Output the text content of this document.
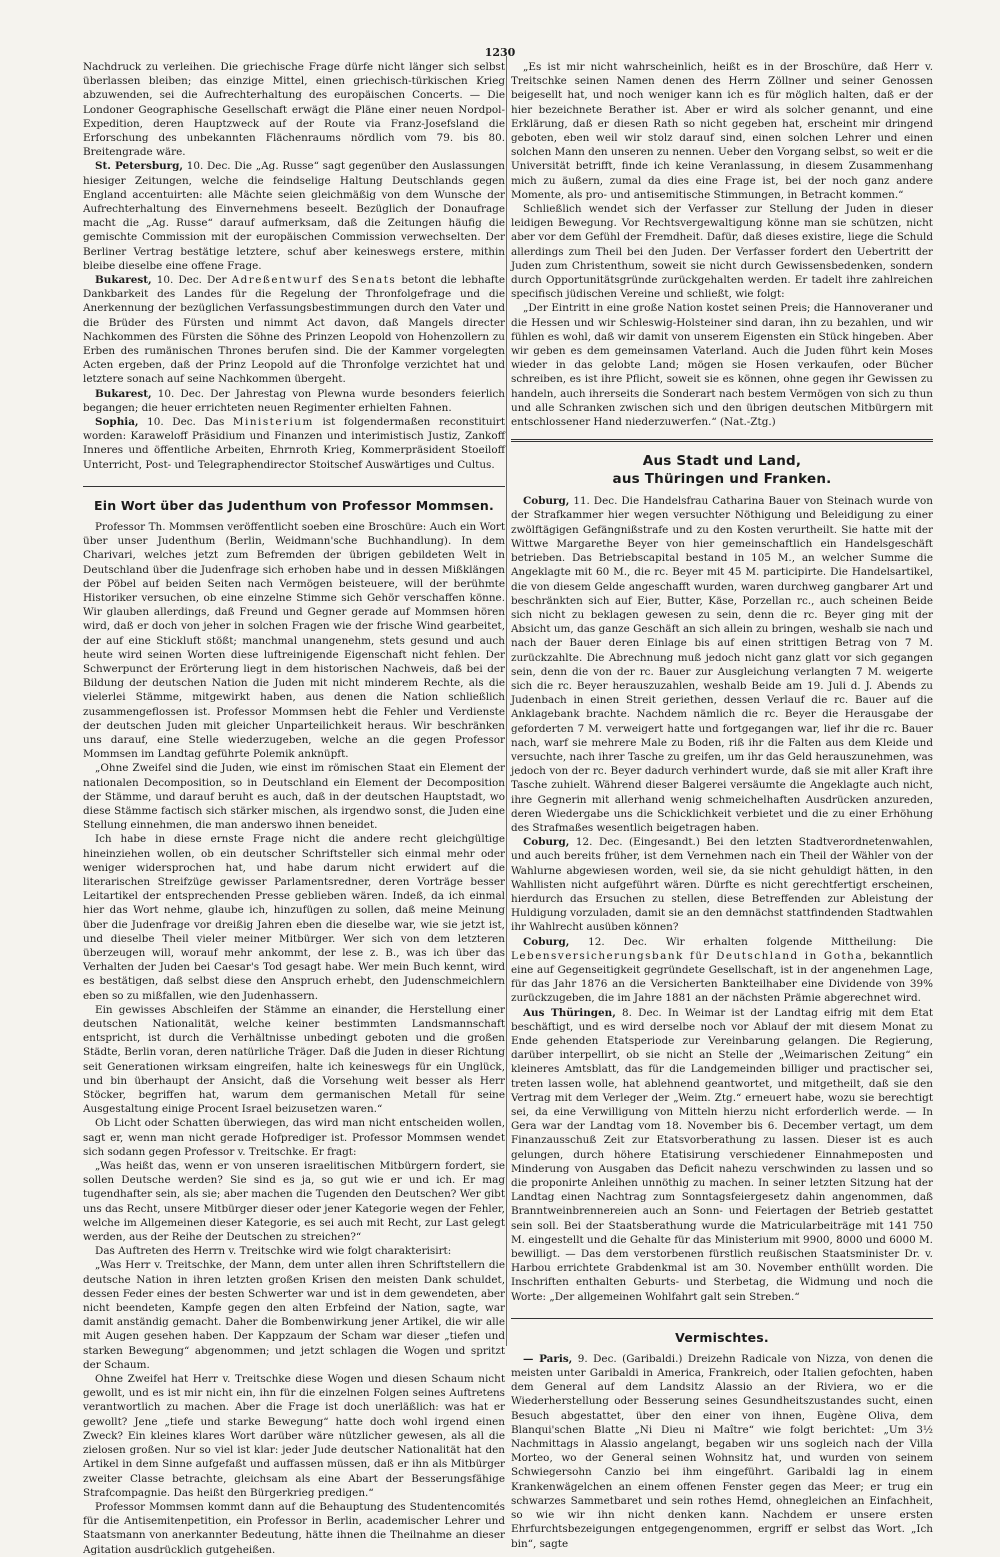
1230

Nachdruck zu verleihen. Die griechische Frage dürfe nicht länger sich selbst überlassen bleiben; das einzige Mittel, einen griechisch-türkischen Krieg abzuwenden, sei die Aufrechterhaltung des europäischen Concerts. — Die Londoner Geographische Gesellschaft erwägt die Pläne einer neuen Nordpol-Expedition, deren Hauptzweck auf der Route via Franz-Josefsland die Erforschung des unbekannten Flächenraums nördlich vom 79. bis 80. Breitengrade wäre.

St. Petersburg, 10. Dec. Die „Ag. Russe“ sagt gegenüber den Auslassungen hiesiger Zeitungen, welche die feindselige Haltung Deutschlands gegen England accentuirten: alle Mächte seien gleichmäßig von dem Wunsche der Aufrechterhaltung des Einvernehmens beseelt. Bezüglich der Donaufrage macht die „Ag. Russe“ darauf aufmerksam, daß die Zeitungen häufig die gemischte Commission mit der europäischen Commission verwechselten. Der Berliner Vertrag bestätige letztere, schuf aber keineswegs erstere, mithin bleibe dieselbe eine offene Frage.

Bukarest, 10. Dec. Der Adreßentwurf des Senats betont die lebhafte Dankbarkeit des Landes für die Regelung der Thronfolgefrage und die Anerkennung der bezüglichen Verfassungsbestimmungen durch den Vater und die Brüder des Fürsten und nimmt Act davon, daß Mangels directer Nachkommen des Fürsten die Söhne des Prinzen Leopold von Hohenzollern zu Erben des rumänischen Thrones berufen sind. Die der Kammer vorgelegten Acten ergeben, daß der Prinz Leopold auf die Thronfolge verzichtet hat und letztere sonach auf seine Nachkommen übergeht.

Bukarest, 10. Dec. Der Jahrestag von Plewna wurde besonders feierlich begangen; die heuer errichteten neuen Regimenter erhielten Fahnen.

Sophia, 10. Dec. Das Ministerium ist folgendermaßen reconstituirt worden: Karaweloff Präsidium und Finanzen und interimistisch Justiz, Zankoff Inneres und öffentliche Arbeiten, Ehrnroth Krieg, Kommerpräsident Stoeiloff Unterricht, Post- und Telegraphendirector Stoitschef Auswärtiges und Cultus.

Ein Wort über das Judenthum von Professor Mommsen.

Professor Th. Mommsen veröffentlicht soeben eine Broschüre: Auch ein Wort über unser Judenthum (Berlin, Weidmann'sche Buchhandlung). In dem Charivari, welches jetzt zum Befremden der übrigen gebildeten Welt in Deutschland über die Judenfrage sich erhoben habe und in dessen Mißklängen der Pöbel auf beiden Seiten nach Vermögen beisteuere, will der berühmte Historiker versuchen, ob eine einzelne Stimme sich Gehör verschaffen könne. Wir glauben allerdings, daß Freund und Gegner gerade auf Mommsen hören wird, daß er doch von jeher in solchen Fragen wie der frische Wind gearbeitet, der auf eine Stickluft stößt; manchmal unangenehm, stets gesund und auch heute wird seinen Worten diese luftreinigende Eigenschaft nicht fehlen. Der Schwerpunct der Erörterung liegt in dem historischen Nachweis, daß bei der Bildung der deutschen Nation die Juden mit nicht minderem Rechte, als die vielerlei Stämme, mitgewirkt haben, aus denen die Nation schließlich zusammengeflossen ist. Professor Mommsen hebt die Fehler und Verdienste der deutschen Juden mit gleicher Unparteilichkeit heraus. Wir beschränken uns darauf, eine Stelle wiederzugeben, welche an die gegen Professor Mommsen im Landtag geführte Polemik anknüpft.

„Ohne Zweifel sind die Juden, wie einst im römischen Staat ein Element der nationalen Decomposition, so in Deutschland ein Element der Decomposition der Stämme, und darauf beruht es auch, daß in der deutschen Hauptstadt, wo diese Stämme factisch sich stärker mischen, als irgendwo sonst, die Juden eine Stellung einnehmen, die man anderswo ihnen beneidet.

Ich habe in diese ernste Frage nicht die andere recht gleichgültige hineinziehen wollen, ob ein deutscher Schriftsteller sich einmal mehr oder weniger widersprochen hat, und habe darum nicht erwidert auf die literarischen Streifzüge gewisser Parlamentsredner, deren Vorträge besser Leitartikel der entsprechenden Presse geblieben wären. Indeß, da ich einmal hier das Wort nehme, glaube ich, hinzufügen zu sollen, daß meine Meinung über die Judenfrage vor dreißig Jahren eben die dieselbe war, wie sie jetzt ist, und dieselbe Theil vieler meiner Mitbürger. Wer sich von dem letzteren überzeugen will, worauf mehr ankommt, der lese z. B., was ich über das Verhalten der Juden bei Caesar's Tod gesagt habe. Wer mein Buch kennt, wird es bestätigen, daß selbst diese den Anspruch erhebt, den Judenschmeichlern eben so zu mißfallen, wie den Judenhassern.

Ein gewisses Abschleifen der Stämme an einander, die Herstellung einer deutschen Nationalität, welche keiner bestimmten Landsmannschaft entspricht, ist durch die Verhältnisse unbedingt geboten und die großen Städte, Berlin voran, deren natürliche Träger. Daß die Juden in dieser Richtung seit Generationen wirksam eingreifen, halte ich keineswegs für ein Unglück, und bin überhaupt der Ansicht, daß die Vorsehung weit besser als Herr Stöcker, begriffen hat, warum dem germanischen Metall für seine Ausgestaltung einige Procent Israel beizusetzen waren.“

Ob Licht oder Schatten überwiegen, das wird man nicht entscheiden wollen, sagt er, wenn man nicht gerade Hofprediger ist. Professor Mommsen wendet sich sodann gegen Professor v. Treitschke. Er fragt:

„Was heißt das, wenn er von unseren israelitischen Mitbürgern fordert, sie sollen Deutsche werden? Sie sind es ja, so gut wie er und ich. Er mag tugendhafter sein, als sie; aber machen die Tugenden den Deutschen? Wer gibt uns das Recht, unsere Mitbürger dieser oder jener Kategorie wegen der Fehler, welche im Allgemeinen dieser Kategorie, es sei auch mit Recht, zur Last gelegt werden, aus der Reihe der Deutschen zu streichen?“

Das Auftreten des Herrn v. Treitschke wird wie folgt charakterisirt:

„Was Herr v. Treitschke, der Mann, dem unter allen ihren Schriftstellern die deutsche Nation in ihren letzten großen Krisen den meisten Dank schuldet, dessen Feder eines der besten Schwerter war und ist in dem gewendeten, aber nicht beendeten, Kampfe gegen den alten Erbfeind der Nation, sagte, war damit anständig gemacht. Daher die Bombenwirkung jener Artikel, die wir alle mit Augen gesehen haben. Der Kappzaum der Scham war dieser „tiefen und starken Bewegung“ abgenommen; und jetzt schlagen die Wogen und spritzt der Schaum.

Ohne Zweifel hat Herr v. Treitschke diese Wogen und diesen Schaum nicht gewollt, und es ist mir nicht ein, ihn für die einzelnen Folgen seines Auftretens verantwortlich zu machen. Aber die Frage ist doch unerläßlich: was hat er gewollt? Jene „tiefe und starke Bewegung“ hatte doch wohl irgend einen Zweck? Ein kleines klares Wort darüber wäre nützlicher gewesen, als all die zielosen großen. Nur so viel ist klar: jeder Jude deutscher Nationalität hat den Artikel in dem Sinne aufgefaßt und auffassen müssen, daß er ihn als Mitbürger zweiter Classe betrachte, gleichsam als eine Abart der Besserungsfähige Strafcompagnie. Das heißt den Bürgerkrieg predigen.“

Professor Mommsen kommt dann auf die Behauptung des Studentencomités für die Antisemitenpetition, ein Professor in Berlin, academischer Lehrer und Staatsmann von anerkannter Bedeutung, hätte ihnen die Theilnahme an dieser Agitation ausdrücklich gutgeheißen.

„Es ist mir nicht wahrscheinlich, heißt es in der Broschüre, daß Herr v. Treitschke seinen Namen denen des Herrn Zöllner und seiner Genossen beigesellt hat, und noch weniger kann ich es für möglich halten, daß er der hier bezeichnete Berather ist. Aber er wird als solcher genannt, und eine Erklärung, daß er diesen Rath so nicht gegeben hat, erscheint mir dringend geboten, eben weil wir stolz darauf sind, einen solchen Lehrer und einen solchen Mann den unseren zu nennen. Ueber den Vorgang selbst, so weit er die Universität betrifft, finde ich keine Veranlassung, in diesem Zusammenhang mich zu äußern, zumal da dies eine Frage ist, bei der noch ganz andere Momente, als pro- und antisemitische Stimmungen, in Betracht kommen.“

Schließlich wendet sich der Verfasser zur Stellung der Juden in dieser leidigen Bewegung. Vor Rechtsvergewaltigung könne man sie schützen, nicht aber vor dem Gefühl der Fremdheit. Dafür, daß dieses existire, liege die Schuld allerdings zum Theil bei den Juden. Der Verfasser fordert den Uebertritt der Juden zum Christenthum, soweit sie nicht durch Gewissensbedenken, sondern durch Opportunitätsgründe zurückgehalten werden. Er tadelt ihre zahlreichen specifisch jüdischen Vereine und schließt, wie folgt:

„Der Eintritt in eine große Nation kostet seinen Preis; die Hannoveraner und die Hessen und wir Schleswig-Holsteiner sind daran, ihn zu bezahlen, und wir fühlen es wohl, daß wir damit von unserem Eigensten ein Stück hingeben. Aber wir geben es dem gemeinsamen Vaterland. Auch die Juden führt kein Moses wieder in das gelobte Land; mögen sie Hosen verkaufen, oder Bücher schreiben, es ist ihre Pflicht, soweit sie es können, ohne gegen ihr Gewissen zu handeln, auch ihrerseits die Sonderart nach bestem Vermögen von sich zu thun und alle Schranken zwischen sich und den übrigen deutschen Mitbürgern mit entschlossener Hand niederzuwerfen.“ (Nat.-Ztg.)

Aus Stadt und Land,
aus Thüringen und Franken.

Coburg, 11. Dec. Die Handelsfrau Catharina Bauer von Steinach wurde von der Strafkammer hier wegen versuchter Nöthigung und Beleidigung zu einer zwölftägigen Gefängnißstrafe und zu den Kosten verurtheilt. Sie hatte mit der Wittwe Margarethe Beyer von hier gemeinschaftlich ein Handelsgeschäft betrieben. Das Betriebscapital bestand in 105 M., an welcher Summe die Angeklagte mit 60 M., die rc. Beyer mit 45 M. participirte. Die Handelsartikel, die von diesem Gelde angeschafft wurden, waren durchweg gangbarer Art und beschränkten sich auf Eier, Butter, Käse, Porzellan rc., auch scheinen Beide sich nicht zu beklagen gewesen zu sein, denn die rc. Beyer ging mit der Absicht um, das ganze Geschäft an sich allein zu bringen, weshalb sie nach und nach der Bauer deren Einlage bis auf einen strittigen Betrag von 7 M. zurückzahlte. Die Abrechnung muß jedoch nicht ganz glatt vor sich gegangen sein, denn die von der rc. Bauer zur Ausgleichung verlangten 7 M. weigerte sich die rc. Beyer herauszuzahlen, weshalb Beide am 19. Juli d. J. Abends zu Judenbach in einen Streit geriethen, dessen Verlauf die rc. Bauer auf die Anklagebank brachte. Nachdem nämlich die rc. Beyer die Herausgabe der geforderten 7 M. verweigert hatte und fortgegangen war, lief ihr die rc. Bauer nach, warf sie mehrere Male zu Boden, riß ihr die Falten aus dem Kleide und versuchte, nach ihrer Tasche zu greifen, um ihr das Geld herauszunehmen, was jedoch von der rc. Beyer dadurch verhindert wurde, daß sie mit aller Kraft ihre Tasche zuhielt. Während dieser Balgerei versäumte die Angeklagte auch nicht, ihre Gegnerin mit allerhand wenig schmeichelhaften Ausdrücken anzureden, deren Wiedergabe uns die Schicklichkeit verbietet und die zu einer Erhöhung des Strafmaßes wesentlich beigetragen haben.

Coburg, 12. Dec. (Eingesandt.) Bei den letzten Stadtverordnetenwahlen, und auch bereits früher, ist dem Vernehmen nach ein Theil der Wähler von der Wahlurne abgewiesen worden, weil sie, da sie nicht gehuldigt hätten, in den Wahllisten nicht aufgeführt wären. Dürfte es nicht gerechtfertigt erscheinen, hierdurch das Ersuchen zu stellen, diese Betreffenden zur Ableistung der Huldigung vorzuladen, damit sie an den demnächst stattfindenden Stadtwahlen ihr Wahlrecht ausüben können?

Coburg, 12. Dec. Wir erhalten folgende Mittheilung: Die Lebensversicherungsbank für Deutschland in Gotha, bekanntlich eine auf Gegenseitigkeit gegründete Gesellschaft, ist in der angenehmen Lage, für das Jahr 1876 an die Versicherten Bankteilhaber eine Dividende von 39% zurückzugeben, die im Jahre 1881 an der nächsten Prämie abgerechnet wird.

Aus Thüringen, 8. Dec. In Weimar ist der Landtag eifrig mit dem Etat beschäftigt, und es wird derselbe noch vor Ablauf der mit diesem Monat zu Ende gehenden Etatsperiode zur Vereinbarung gelangen. Die Regierung, darüber interpellirt, ob sie nicht an Stelle der „Weimarischen Zeitung“ ein kleineres Amtsblatt, das für die Landgemeinden billiger und practischer sei, treten lassen wolle, hat ablehnend geantwortet, und mitgetheilt, daß sie den Vertrag mit dem Verleger der „Weim. Ztg.“ erneuert habe, wozu sie berechtigt sei, da eine Verwilligung von Mitteln hierzu nicht erforderlich werde. — In Gera war der Landtag vom 18. November bis 6. December vertagt, um dem Finanzausschuß Zeit zur Etatsvorberathung zu lassen. Dieser ist es auch gelungen, durch höhere Etatisirung verschiedener Einnahmeposten und Minderung von Ausgaben das Deficit nahezu verschwinden zu lassen und so die proponirte Anleihen unnöthig zu machen. In seiner letzten Sitzung hat der Landtag einen Nachtrag zum Sonntagsfeiergesetz dahin angenommen, daß Branntweinbrennereien auch an Sonn- und Feiertagen der Betrieb gestattet sein soll. Bei der Staatsberathung wurde die Matricularbeiträge mit 141 750 M. eingestellt und die Gehalte für das Ministerium mit 9900, 8000 und 6000 M. bewilligt. — Das dem verstorbenen fürstlich reußischen Staatsminister Dr. v. Harbou errichtete Grabdenkmal ist am 30. November enthüllt worden. Die Inschriften enthalten Geburts- und Sterbetag, die Widmung und noch die Worte: „Der allgemeinen Wohlfahrt galt sein Streben.“

Vermischtes.

— Paris, 9. Dec. (Garibaldi.) Dreizehn Radicale von Nizza, von denen die meisten unter Garibaldi in America, Frankreich, oder Italien gefochten, haben dem General auf dem Landsitz Alassio an der Riviera, wo er die Wiederherstellung oder Besserung seines Gesundheitszustandes sucht, einen Besuch abgestattet, über den einer von ihnen, Eugène Oliva, dem Blanqui'schen Blatte „Ni Dieu ni Maître“ wie folgt berichtet: „Um 3½ Nachmittags in Alassio angelangt, begaben wir uns sogleich nach der Villa Morteo, wo der General seinen Wohnsitz hat, und wurden von seinem Schwiegersohn Canzio bei ihm eingeführt. Garibaldi lag in einem Krankenwägelchen an einem offenen Fenster gegen das Meer; er trug ein schwarzes Sammetbaret und sein rothes Hemd, ohnegleichen an Einfachheit, so wie wir ihn nicht denken kann. Nachdem er unsere ersten Ehrfurchtsbezeigungen entgegengenommen, ergriff er selbst das Wort. „Ich bin“, sagte
